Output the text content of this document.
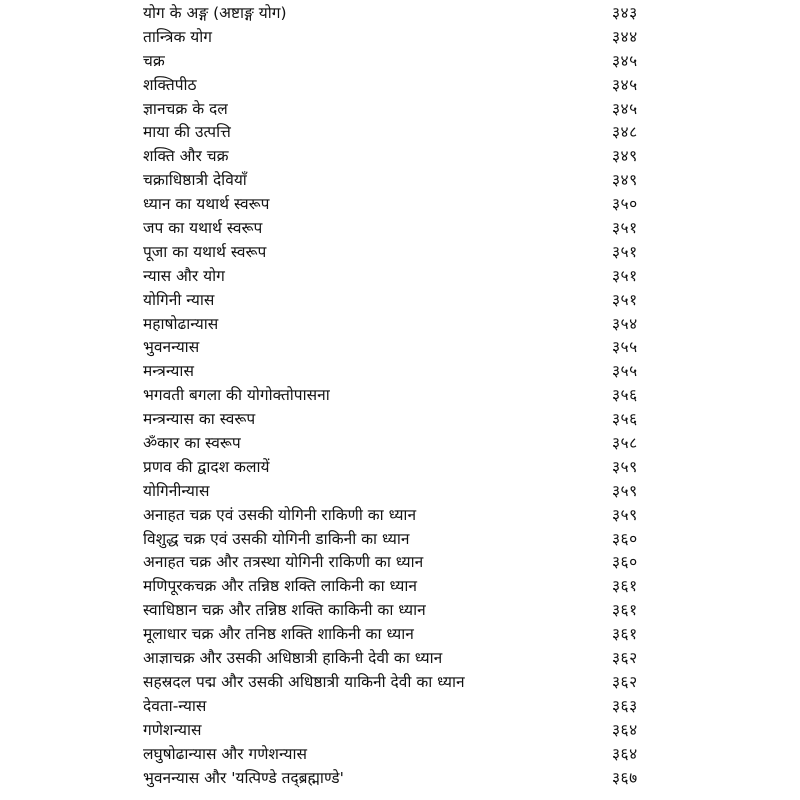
योग के अङ्ग (अष्टाङ्ग योग)	३४३
तान्त्रिक योग	३४४
चक्र	३४५
शक्तिपीठ	३४५
ज्ञानचक्र के दल	३४५
माया की उत्पत्ति	३४८
शक्ति और चक्र	३४९
चक्राधिष्ठात्री देवियाँ	३४९
ध्यान का यथार्थ स्वरूप	३५०
जप का यथार्थ स्वरूप	३५१
पूजा का यथार्थ स्वरूप	३५१
न्यास और योग	३५१
योगिनी न्यास	३५१
महाषोढान्यास	३५४
भुवनन्यास	३५५
मन्त्रन्यास	३५५
भगवती बगला की योगोक्तोपासना	३५६
मन्त्रन्यास का स्वरूप	३५६
ॐकार का स्वरूप	३५८
प्रणव की द्वादश कलायें	३५९
योगिनीन्यास	३५९
अनाहत चक्र एवं उसकी योगिनी राकिणी का ध्यान	३५९
विशुद्ध चक्र एवं उसकी योगिनी डाकिनी का ध्यान	३६०
अनाहत चक्र और तत्रस्था योगिनी राकिणी का ध्यान	३६०
मणिपूरकचक्र और तन्निष्ठ शक्ति लाकिनी का ध्यान	३६१
स्वाधिष्ठान चक्र और तन्निष्ठ शक्ति काकिनी का ध्यान	३६१
मूलाधार चक्र और तनिष्ठ शक्ति शाकिनी का ध्यान	३६१
आज्ञाचक्र और उसकी अधिष्ठात्री हाकिनी देवी का ध्यान	३६२
सहस्रदल पद्म और उसकी अधिष्ठात्री याकिनी देवी का ध्यान	३६२
देवता-न्यास	३६३
गणेशन्यास	३६४
लघुषोढान्यास और गणेशन्यास	३६४
भुवनन्यास और 'यत्पिण्डे तद्ब्रह्माण्डे'	३६७
